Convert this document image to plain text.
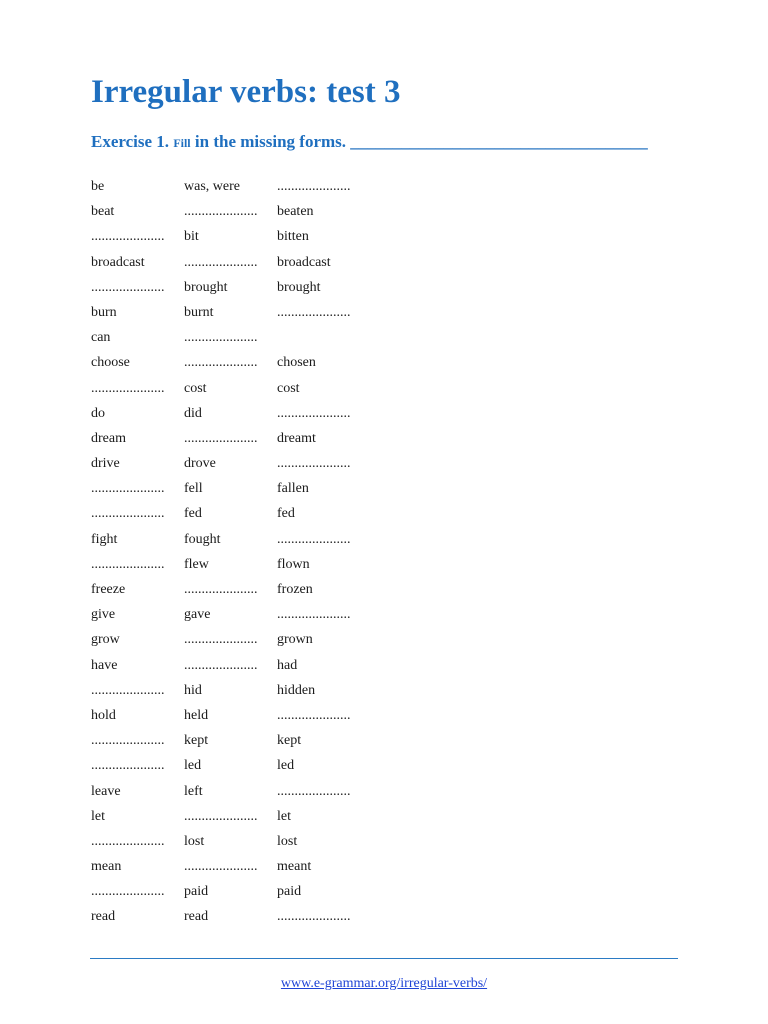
Irregular verbs: test 3
Exercise 1. Fill in the missing forms. ___________________________________
be	was, were	.....................
beat	..................... beaten
..................... bit	bitten
broadcast	..................... broadcast
..................... brought	brought
burn	burnt	.....................
can	.....................
choose	..................... chosen
..................... cost	cost
do	did	.....................
dream	..................... dreamt
drive	drove	.....................
..................... fell	fallen
..................... fed	fed
fight	fought	.....................
..................... flew	flown
freeze	..................... frozen
give	gave	.....................
grow	..................... grown
have	..................... had
..................... hid	hidden
hold	held	.....................
..................... kept	kept
..................... led	led
leave	left	.....................
let	..................... let
..................... lost	lost
mean	..................... meant
..................... paid	paid
read	read	.....................
www.e-grammar.org/irregular-verbs/
